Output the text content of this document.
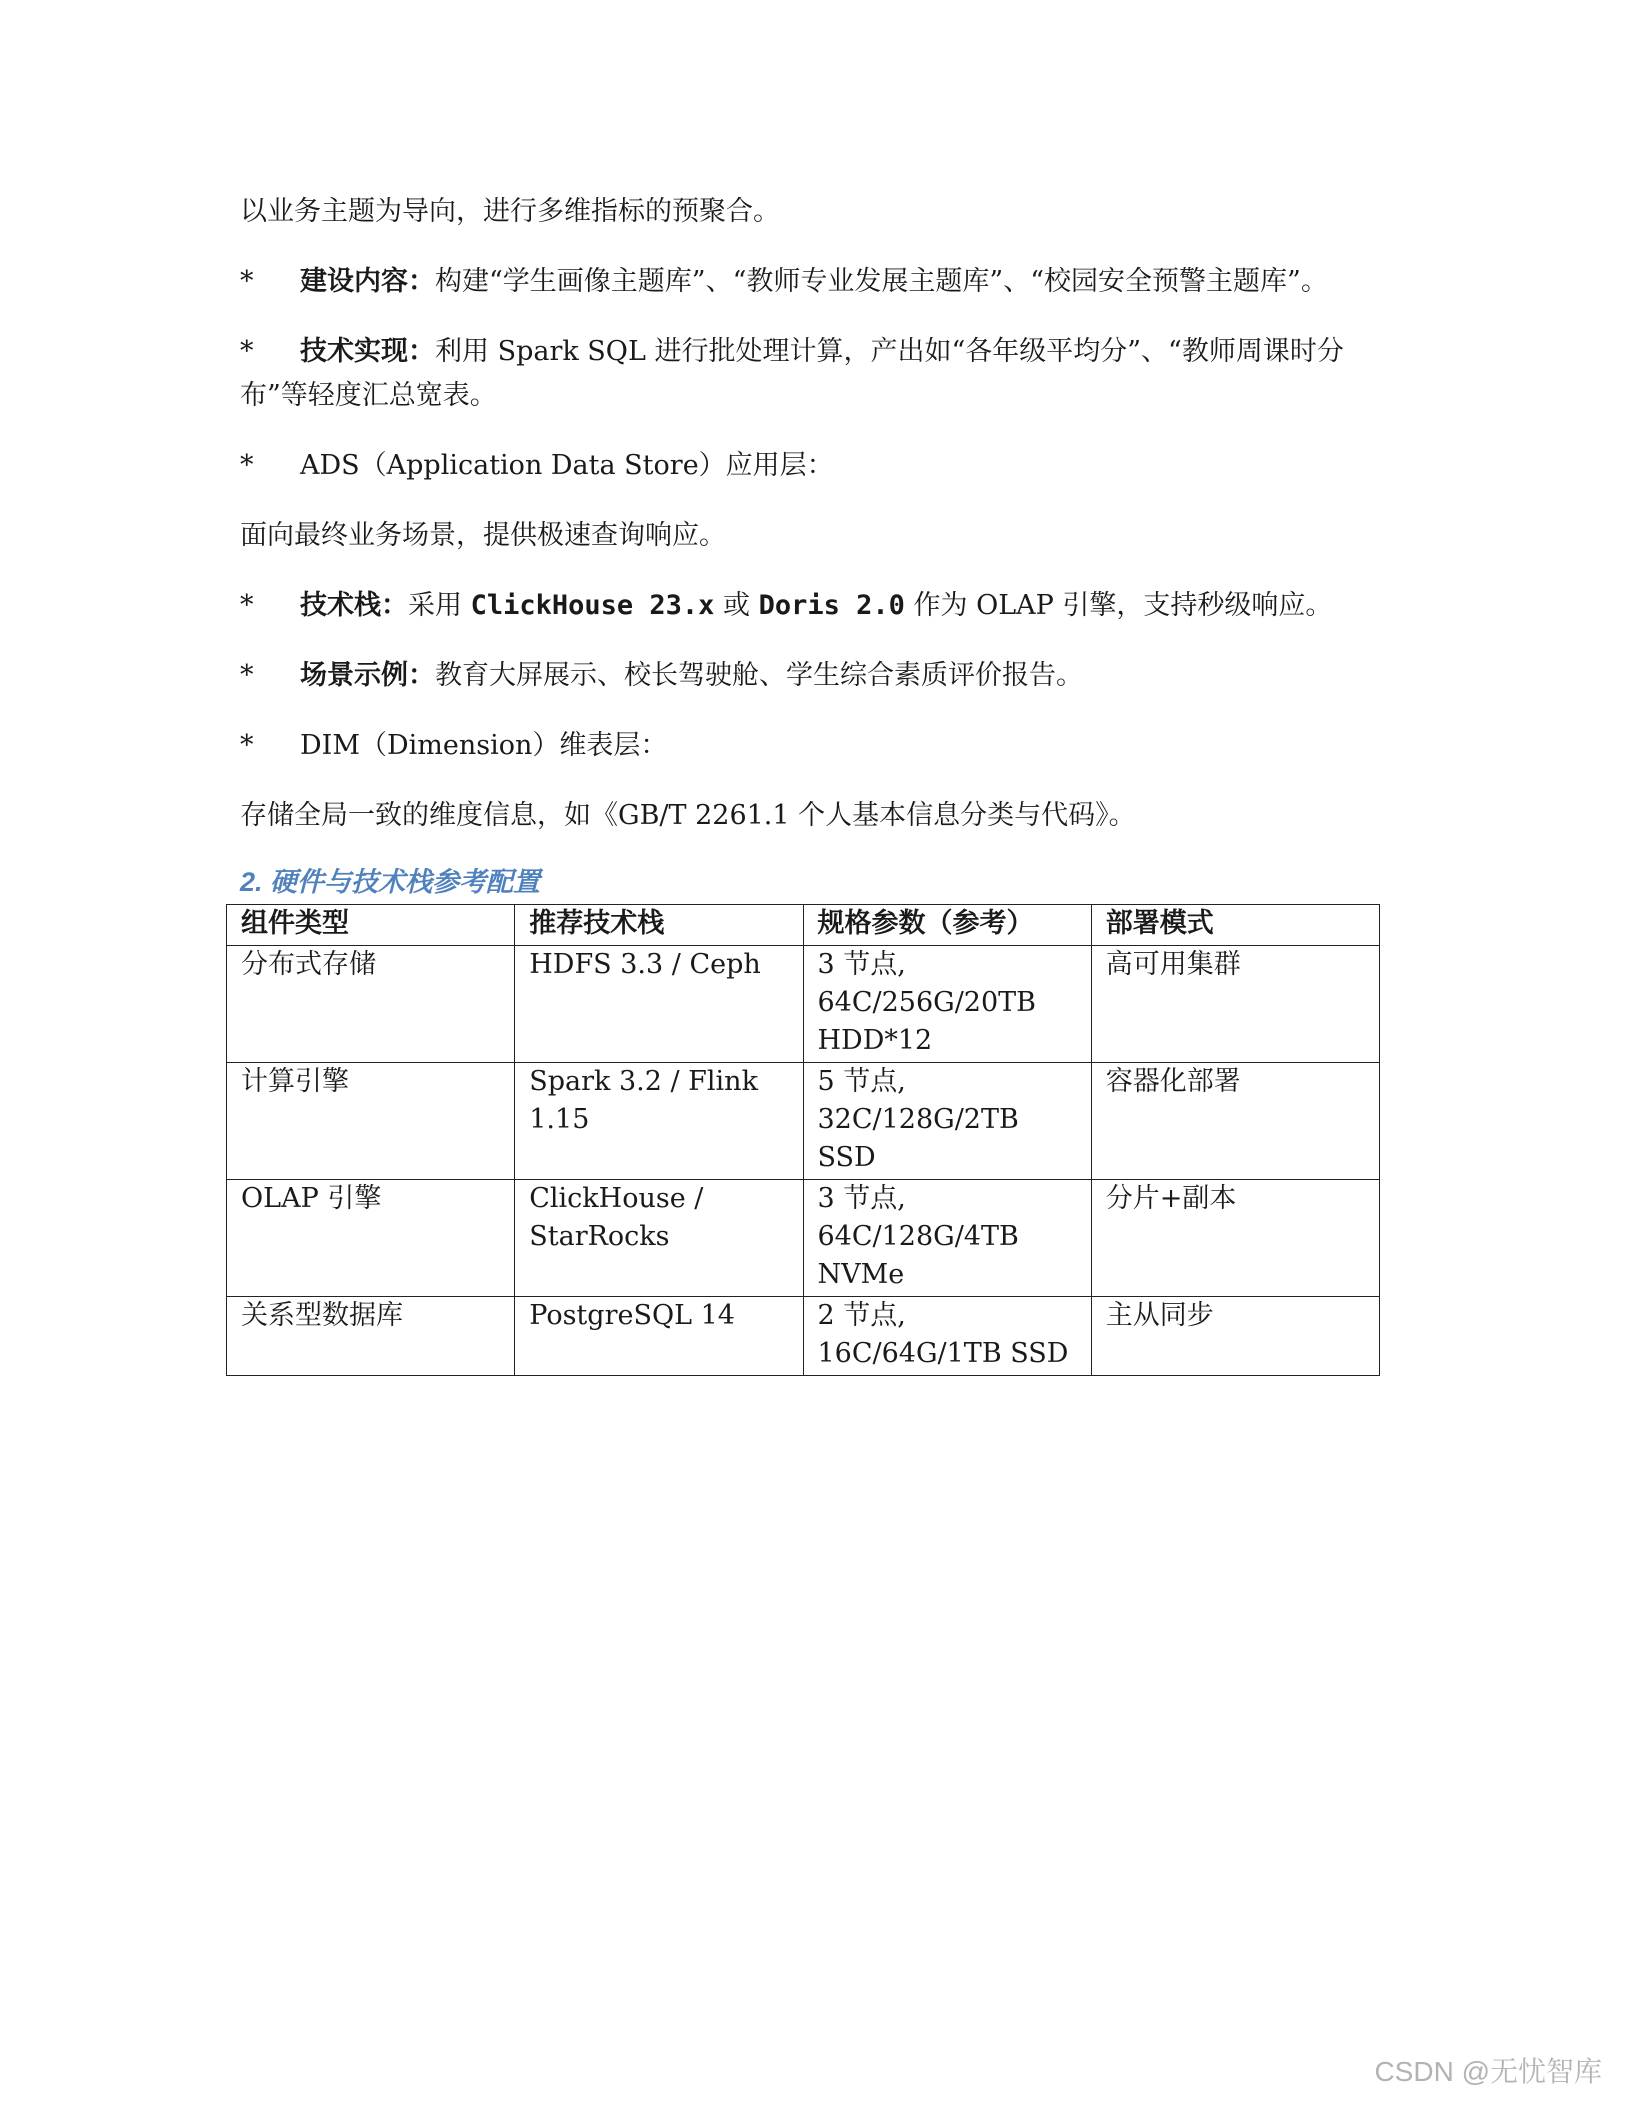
以业务主题为导向，进行多维指标的预聚合。

* 建设内容：构建“学生画像主题库”、“教师专业发展主题库”、“校园安全预警主题库”。

* 技术实现：利用 Spark SQL 进行批处理计算，产出如“各年级平均分”、“教师周课时分布”等轻度汇总宽表。

* ADS（Application Data Store）应用层：

面向最终业务场景，提供极速查询响应。

* 技术栈：采用 ClickHouse 23.x 或 Doris 2.0 作为 OLAP 引擎，支持秒级响应。

* 场景示例：教育大屏展示、校长驾驶舱、学生综合素质评价报告。

* DIM（Dimension）维表层：

存储全局一致的维度信息，如《GB/T 2261.1 个人基本信息分类与代码》。

2. 硬件与技术栈参考配置
组件类型	推荐技术栈	规格参数（参考）	部署模式
分布式存储	HDFS 3.3 / Ceph	3 节点, 64C/256G/20TB HDD*12	高可用集群
计算引擎	Spark 3.2 / Flink 1.15	5 节点, 32C/128G/2TB SSD	容器化部署
OLAP 引擎	ClickHouse / StarRocks	3 节点, 64C/128G/4TB NVMe	分片+副本
关系型数据库	PostgreSQL 14	2 节点, 16C/64G/1TB SSD	主从同步
CSDN @无忧智库
